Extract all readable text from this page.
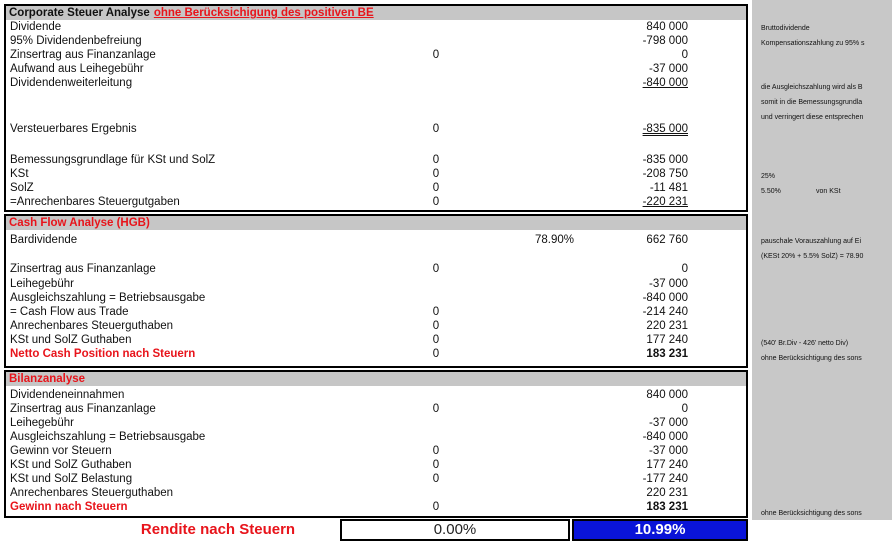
Bruttodividende
Kompensationszahlung zu 95% s
die Ausgleichszahlung wird als B
somit in die Bemessungsgrundla
und verringert diese entsprechen
25%
5.50%	von KSt
pauschale Vorauszahlung auf Ei
(KESt 20% + 5.5% SolZ) = 78.90
(540' Br.Div - 426' netto Div)
ohne Berücksichtigung des sons
ohne Berücksichtigung des sons
Corporate Steuer Analyse ohne Berücksichigung des positiven BE
Dividende	840 000
95% Dividendenbefreiung	-798 000
Zinsertrag aus Finanzanlage	0	0
Aufwand aus Leihegebühr	-37 000
Dividendenweiterleitung	-840 000
Versteuerbares Ergebnis	0	-835 000
Bemessungsgrundlage für KSt und SolZ	0	-835 000
KSt	0	-208 750
SolZ	0	-11 481
=Anrechenbares Steuergutgaben	0	-220 231
Cash Flow Analyse (HGB)
Bardividende	78.90%	662 760
Zinsertrag aus Finanzanlage	0	0
Leihegebühr	-37 000
Ausgleichszahlung = Betriebsausgabe	-840 000
= Cash Flow aus Trade	0	-214 240
Anrechenbares Steuerguthaben	0	220 231
KSt und SolZ Guthaben	0	177 240
Netto Cash Position nach Steuern	0	183 231
Bilanzanalyse
Dividendeneinnahmen	840 000
Zinsertrag aus Finanzanlage	0	0
Leihegebühr	-37 000
Ausgleichszahlung = Betriebsausgabe	-840 000
Gewinn vor Steuern	0	-37 000
KSt und SolZ Guthaben	0	177 240
KSt und SolZ Belastung	0	-177 240
Anrechenbares Steuerguthaben	220 231
Gewinn nach Steuern	0	183 231
Rendite nach Steuern	0.00%	10.99%
